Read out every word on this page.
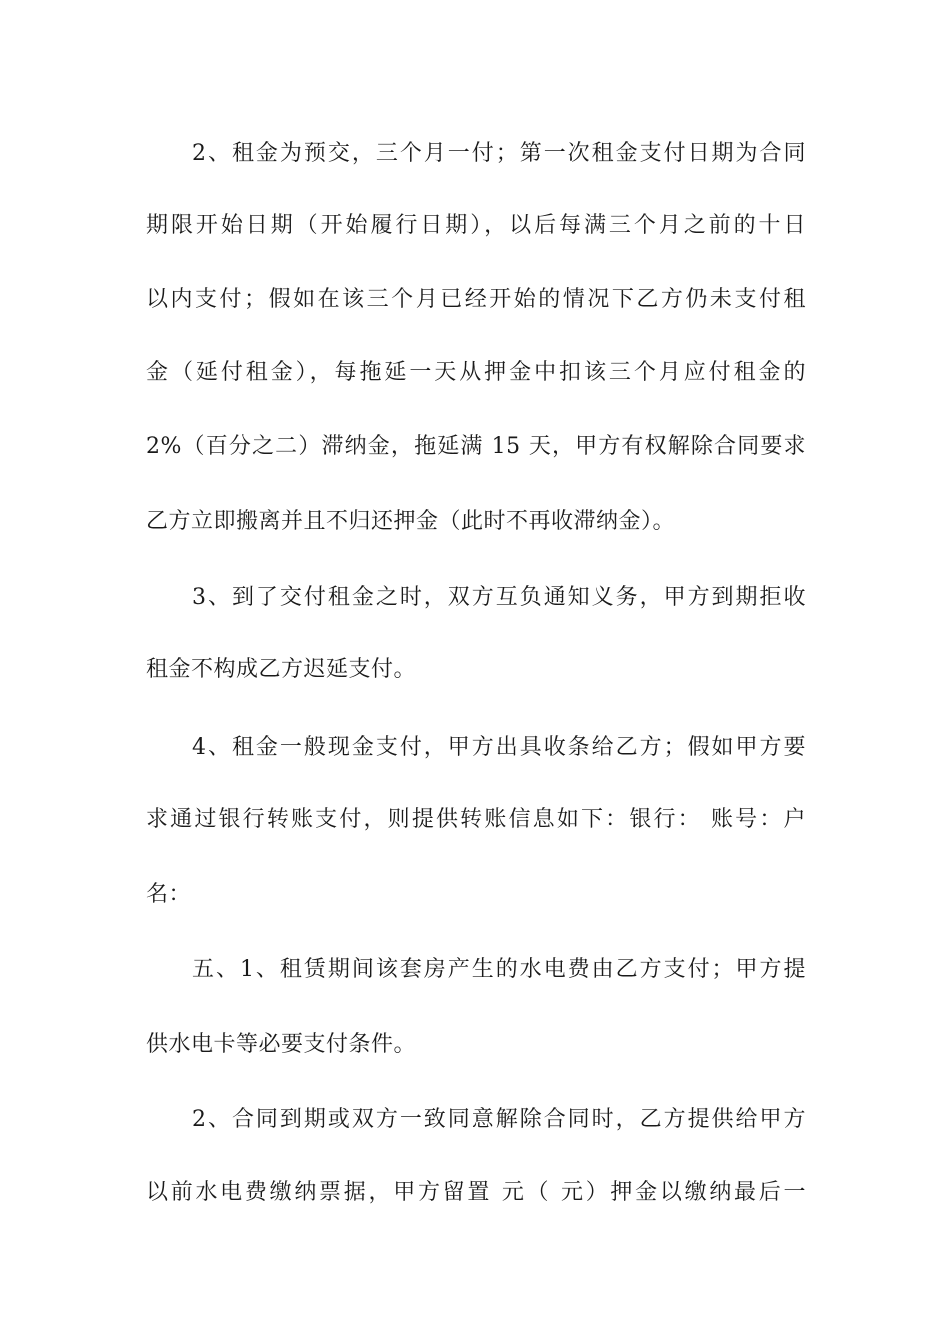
2、租金为预交，三个月一付；第一次租金支付日期为合同
期限开始日期（开始履行日期），以后每满三个月之前的十日
以内支付；假如在该三个月已经开始的情况下乙方仍未支付租
金（延付租金），每拖延一天从押金中扣该三个月应付租金的
2%（百分之二）滞纳金，拖延满 15 天，甲方有权解除合同要求
乙方立即搬离并且不归还押金（此时不再收滞纳金）。
3、到了交付租金之时，双方互负通知义务，甲方到期拒收
租金不构成乙方迟延支付。
4、租金一般现金支付，甲方出具收条给乙方；假如甲方要
求通过银行转账支付，则提供转账信息如下：银行： 账号：户
名：
五、1、租赁期间该套房产生的水电费由乙方支付；甲方提
供水电卡等必要支付条件。
2、合同到期或双方一致同意解除合同时，乙方提供给甲方
以前水电费缴纳票据，甲方留置 元（ 元）押金以缴纳最后一
